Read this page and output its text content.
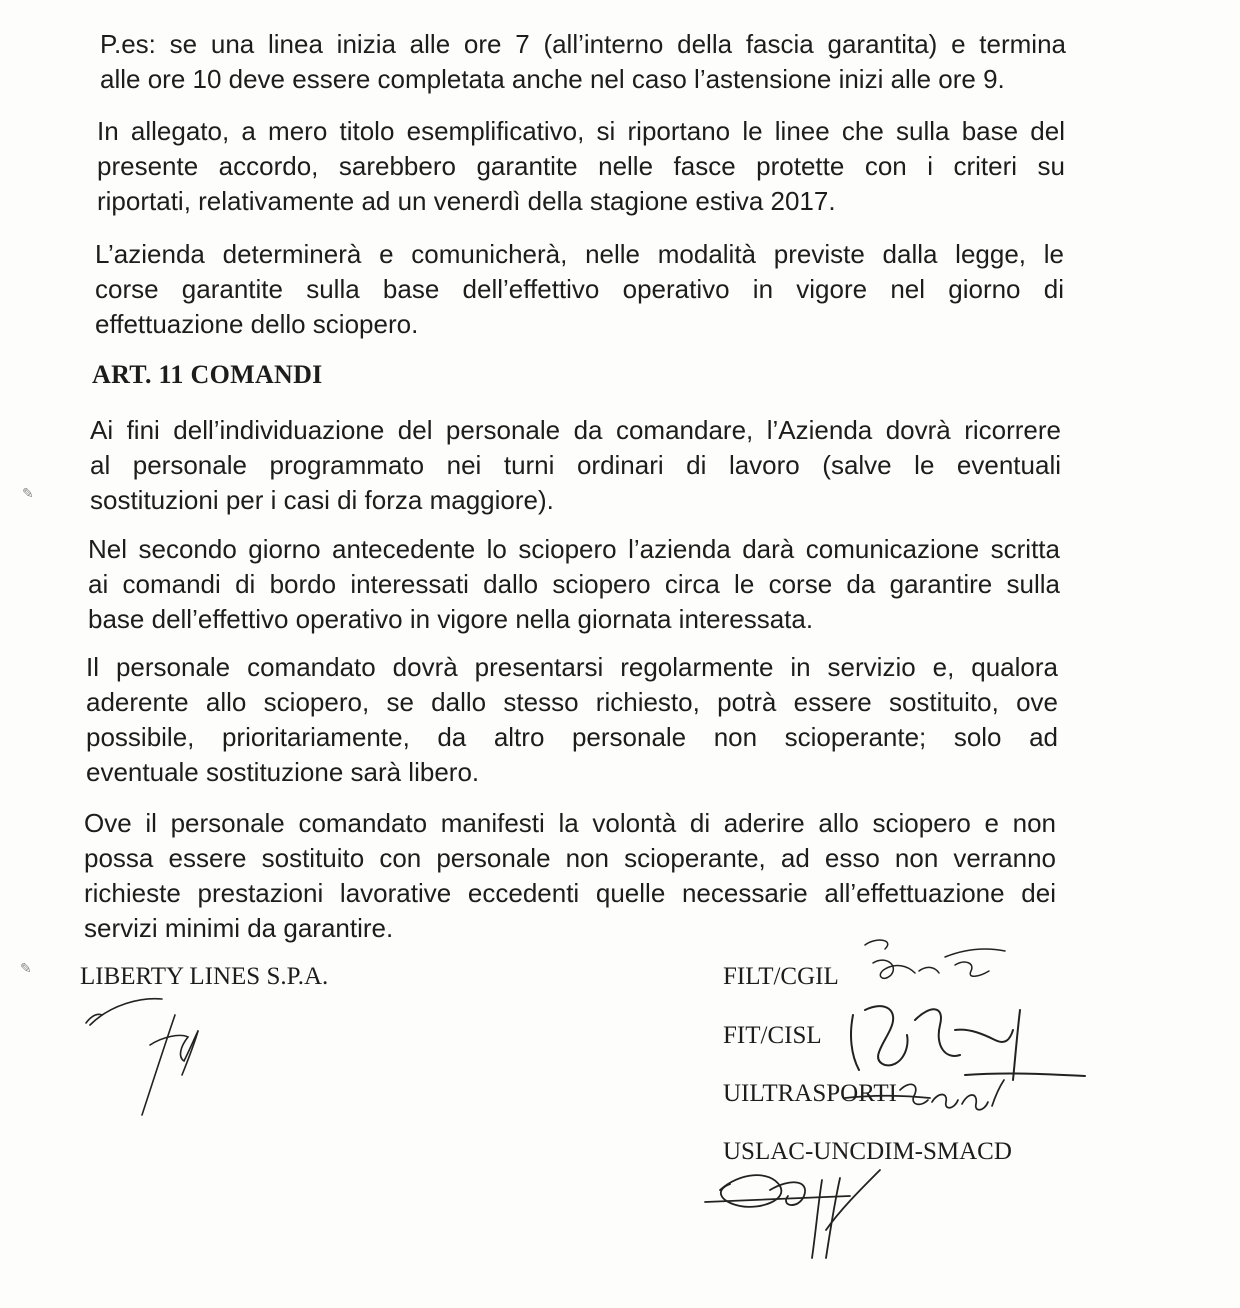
P.es: se una linea inizia alle ore 7 (all’interno della fascia garantita) e termina
alle ore 10 deve essere completata anche nel caso l’astensione inizi alle ore 9.
In allegato, a mero titolo esemplificativo, si riportano le linee che sulla base del
presente accordo, sarebbero garantite nelle fasce protette con i criteri su
riportati, relativamente ad un venerdì della stagione estiva 2017.
L’azienda determinerà e comunicherà, nelle modalità previste dalla legge, le
corse garantite sulla base dell’effettivo operativo in vigore nel giorno di
effettuazione dello sciopero.
ART. 11 COMANDI
Ai fini dell’individuazione del personale da comandare, l’Azienda dovrà ricorrere
al personale programmato nei turni ordinari di lavoro (salve le eventuali
sostituzioni per i casi di forza maggiore).
Nel secondo giorno antecedente lo sciopero l’azienda darà comunicazione scritta
ai comandi di bordo interessati dallo sciopero circa le corse da garantire sulla
base dell’effettivo operativo in vigore nella giornata interessata.
Il personale comandato dovrà presentarsi regolarmente in servizio e, qualora
aderente allo sciopero, se dallo stesso richiesto, potrà essere sostituito, ove
possibile, prioritariamente, da altro personale non scioperante; solo ad
eventuale sostituzione sarà libero.
Ove il personale comandato manifesti la volontà di aderire allo sciopero e non
possa essere sostituito con personale non scioperante, ad esso non verranno
richieste prestazioni lavorative eccedenti quelle necessarie all’effettuazione dei
servizi minimi da garantire.
LIBERTY LINES S.P.A.	FILT/CGIL
FIT/CISL
UILTRASPORTI
USLAC-UNCDIM-SMACD
✎
✎
